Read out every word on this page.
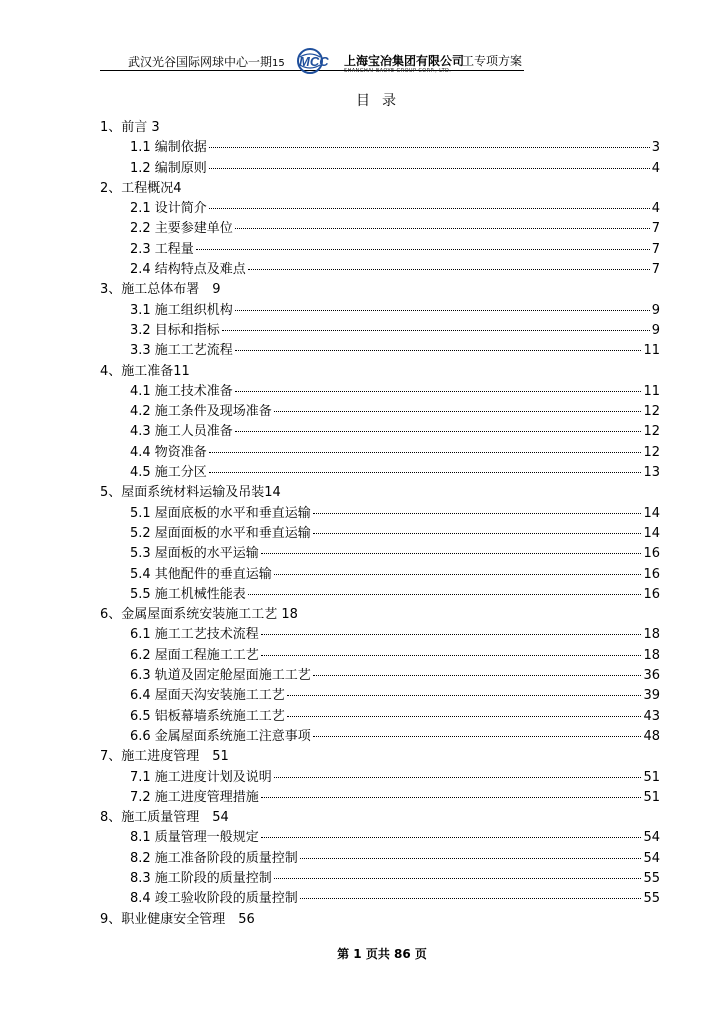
武汉光谷国际网球中心一期15 MCC 上海宝冶集团有限公司
SHANGHAI BAOYE GROUP CORP., LTD.
工专项方案
目录
1、前言 3
1.1 编制依据	3
1.2 编制原则	4
2、工程概况4
2.1 设计简介	4
2.2 主要参建单位	7
2.3 工程量	7
2.4 结构特点及难点	7
3、施工总体布署　9
3.1 施工组织机构	9
3.2 目标和指标	9
3.3 施工工艺流程	11
4、施工准备11
4.1 施工技术准备	11
4.2 施工条件及现场准备	12
4.3 施工人员准备	12
4.4 物资准备	12
4.5 施工分区	13
5、屋面系统材料运输及吊装14
5.1 屋面底板的水平和垂直运输	14
5.2 屋面面板的水平和垂直运输	14
5.3 屋面板的水平运输	16
5.4 其他配件的垂直运输	16
5.5 施工机械性能表	16
6、金属屋面系统安装施工工艺 18
6.1 施工工艺技术流程	18
6.2 屋面工程施工工艺	18
6.3 轨道及固定舱屋面施工工艺	36
6.4 屋面天沟安装施工工艺	39
6.5 铝板幕墙系统施工工艺	43
6.6 金属屋面系统施工注意事项	48
7、施工进度管理　51
7.1 施工进度计划及说明	51
7.2 施工进度管理措施	51
8、施工质量管理　54
8.1 质量管理一般规定	54
8.2 施工准备阶段的质量控制	54
8.3 施工阶段的质量控制	55
8.4 竣工验收阶段的质量控制	55
9、职业健康安全管理　56
第 1 页共 86 页
